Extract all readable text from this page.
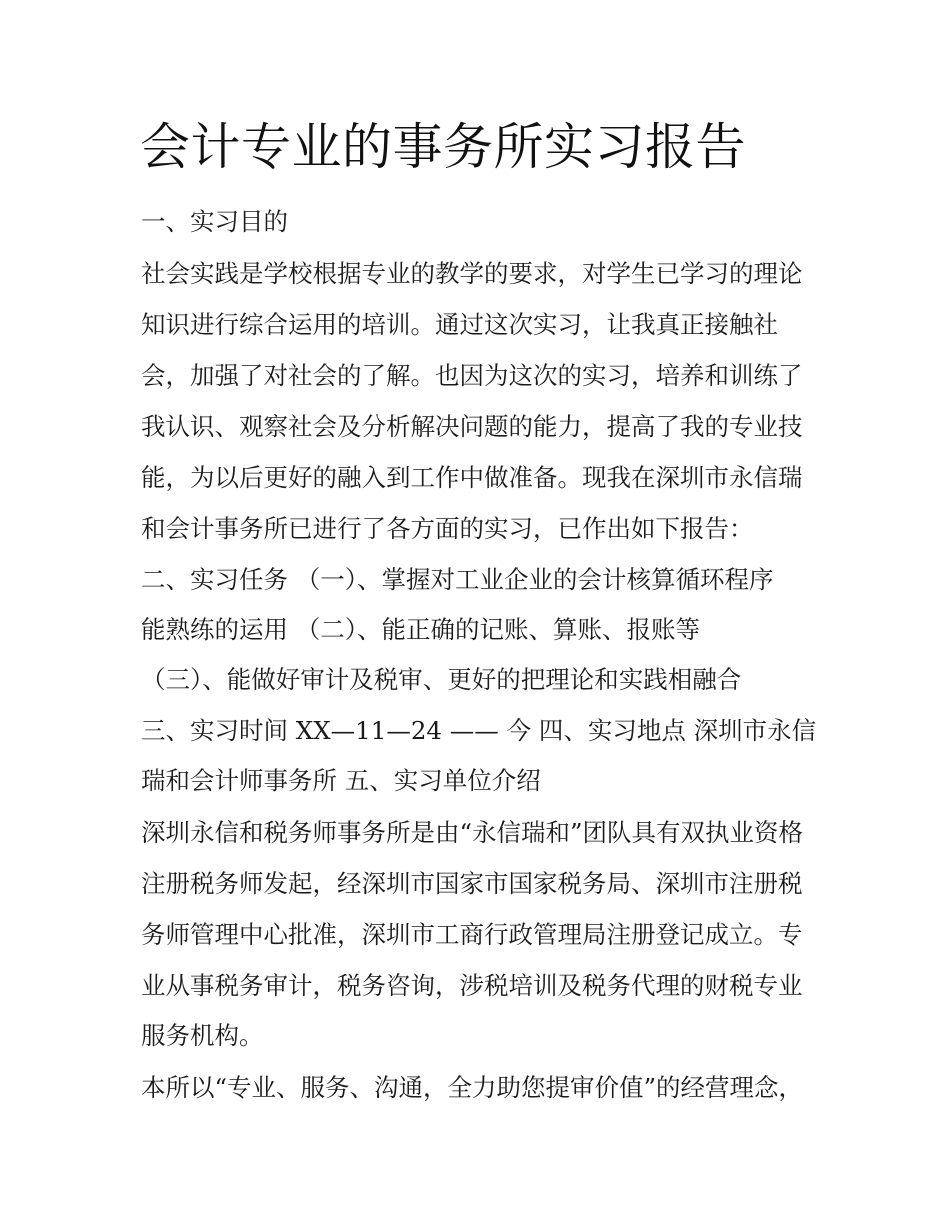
会计专业的事务所实习报告

一、实习目的

社会实践是学校根据专业的教学的要求，对学生已学习的理论

知识进行综合运用的培训。通过这次实习，让我真正接触社

会，加强了对社会的了解。也因为这次的实习，培养和训练了

我认识、观察社会及分析解决问题的能力，提高了我的专业技

能，为以后更好的融入到工作中做准备。现我在深圳市永信瑞

和会计事务所已进行了各方面的实习，已作出如下报告：

二、实习任务 （一）、掌握对工业企业的会计核算循环程序

能熟练的运用 （二）、能正确的记账、算账、报账等

（三）、能做好审计及税审、更好的把理论和实践相融合

三、实习时间 XX—11—24 —— 今 四、实习地点 深圳市永信

瑞和会计师事务所 五、实习单位介绍

深圳永信和税务师事务所是由“永信瑞和”团队具有双执业资格

注册税务师发起，经深圳市国家市国家税务局、深圳市注册税

务师管理中心批准，深圳市工商行政管理局注册登记成立。专

业从事税务审计，税务咨询，涉税培训及税务代理的财税专业

服务机构。

本所以“专业、服务、沟通，全力助您提审价值”的经营理念，
